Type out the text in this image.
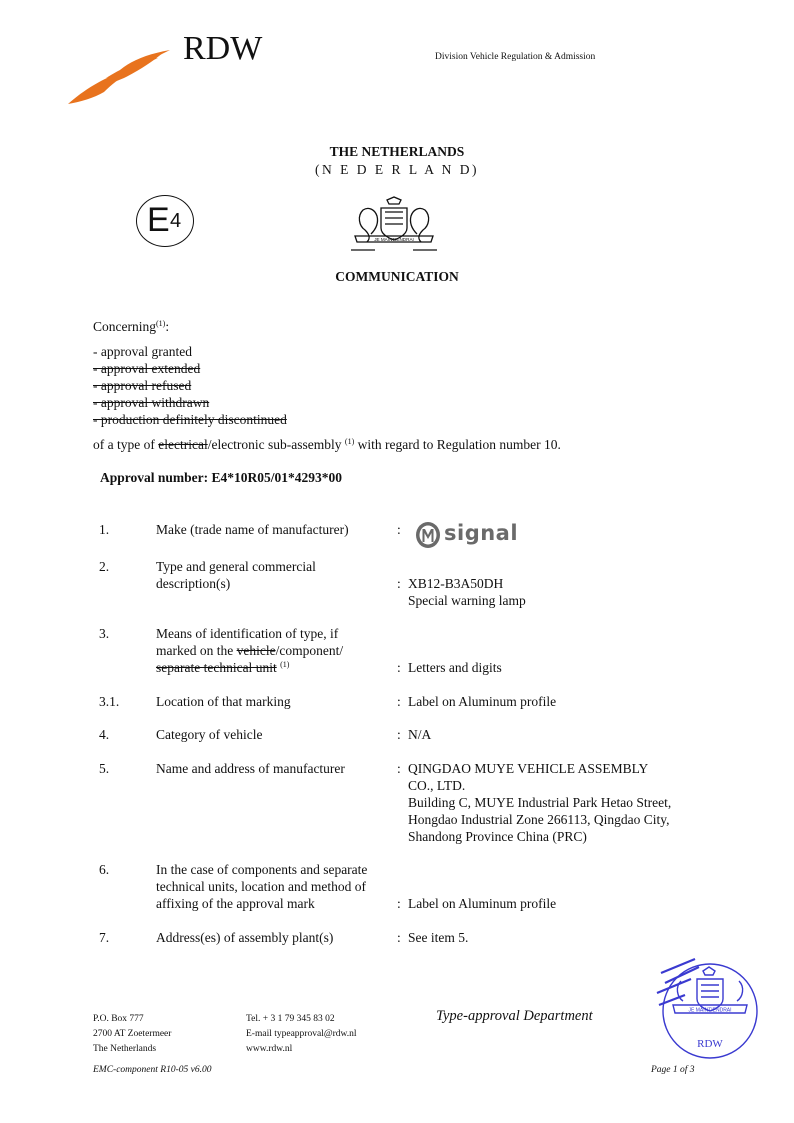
RDW	Division Vehicle Regulation & Admission
THE NETHERLANDS
(N E D E R L A N D)
E 4
JE MAINTIENDRAI
COMMUNICATION
Concerning$^{(1)}$:
- approval granted
- approval extended
- approval refused
- approval withdrawn
- production definitely discontinued
of a type of electrical/electronic sub-assembly $^{(1)}$ with regard to Regulation number 10.
Approval number: E4*10R05/01*4293*00
1.	Make (trade name of manufacturer)	: signal
2.	Type and general commercial
description(s)	: XB12-B3A50DH
Special warning lamp
3.	Means of identification of type, if
marked on the vehicle/component/
separate technical unit $^{(1)}$	: Letters and digits
3.1.	Location of that marking	: Label on Aluminum profile
4.	Category of vehicle	: N/A
5.	Name and address of manufacturer	: QINGDAO MUYE VEHICLE ASSEMBLY
CO., LTD.
Building C, MUYE Industrial Park Hetao Street,
Hongdao Industrial Zone 266113, Qingdao City,
Shandong Province China (PRC)
6.	In the case of components and separate
technical units, location and method of
affixing of the approval mark	: Label on Aluminum profile
7.	Address(es) of assembly plant(s)	: See item 5.
P.O. Box 777
2700 AT Zoetermeer
The Netherlands
Tel. + 3 1 79 345 83 02
E-mail typeapproval@rdw.nl
www.rdw.nl
Type-approval Department	JE MAINTIENDRAI
RDW
EMC-component R10-05 v6.00	Page 1 of 3
